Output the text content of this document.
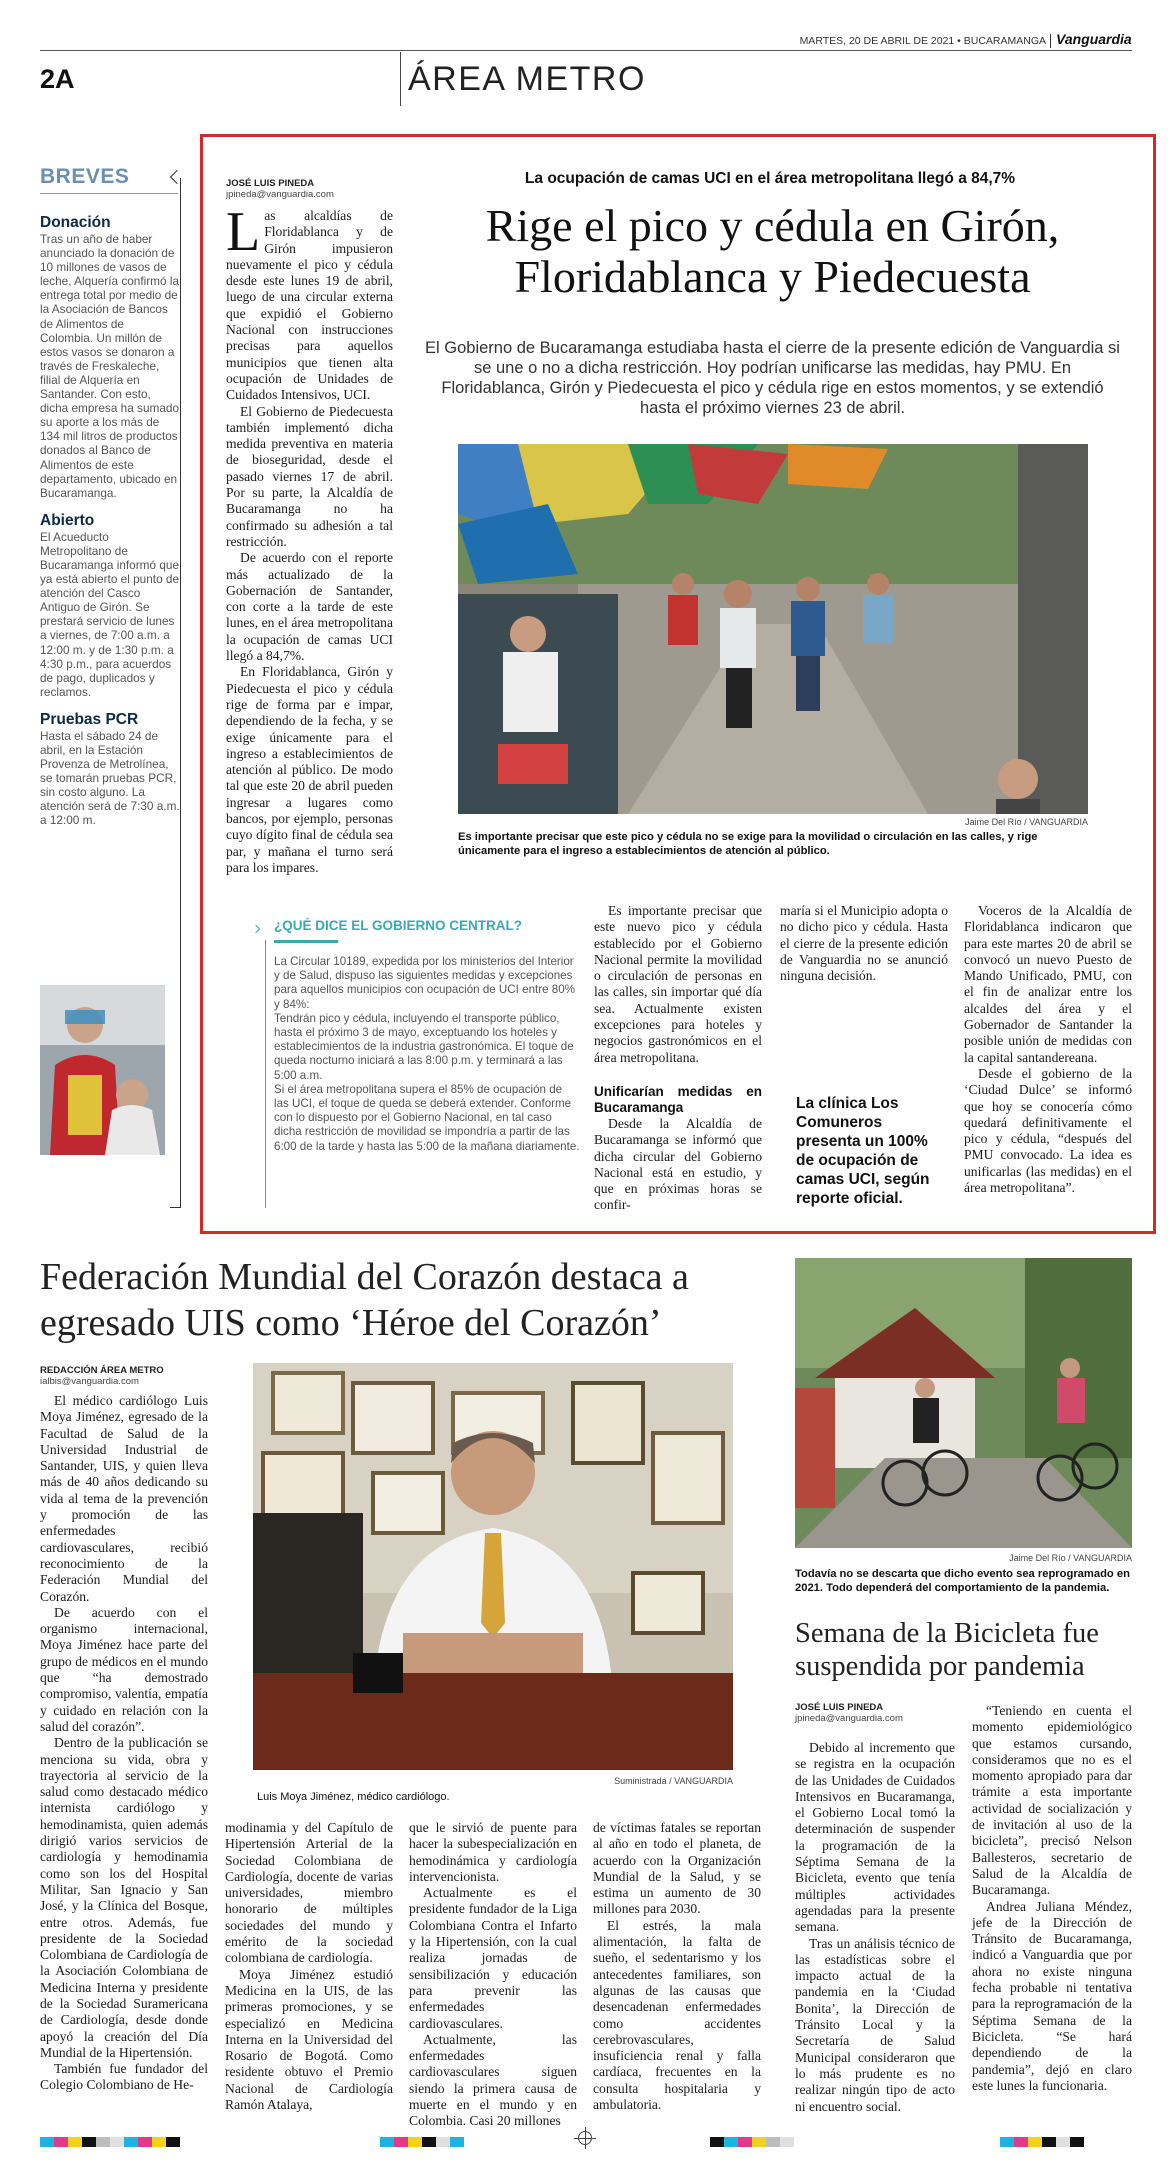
MARTES, 20 DE ABRIL DE 2021 • BUCARAMANGA Vanguardia
2A	ÁREA METRO
BREVES
Donación
Tras un año de haber anunciado la donación de 10 millones de vasos de leche, Alquería confirmó la entrega total por medio de la Asociación de Bancos de Alimentos de Colombia. Un millón de estos vasos se donaron a través de Freskaleche, filial de Alquería en Santander. Con esto, dicha empresa ha sumado su aporte a los más de 134 mil litros de productos donados al Banco de Alimentos de este departamento, ubicado en Bucaramanga.
Abierto
El Acueducto Metropolitano de Bucaramanga informó que ya está abierto el punto de atención del Casco Antiguo de Girón. Se prestará servicio de lunes a viernes, de 7:00 a.m. a 12:00 m. y de 1:30 p.m. a 4:30 p.m., para acuerdos de pago, duplicados y reclamos.
Pruebas PCR
Hasta el sábado 24 de abril, en la Estación Provenza de Metrolínea, se tomarán pruebas PCR, sin costo alguno. La atención será de 7:30 a.m. a 12:00 m.
JOSÉ LUIS PINEDA
jpineda@vanguardia.com

Las alcaldías de Floridablanca y de Girón impusieron nuevamente el pico y cédula desde este lunes 19 de abril, luego de una circular externa que expidió el Gobierno Nacional con instrucciones precisas para aquellos municipios que tienen alta ocupación de Unidades de Cuidados Intensivos, UCI.

El Gobierno de Piedecuesta también implementó dicha medida preventiva en materia de bioseguridad, desde el pasado viernes 17 de abril. Por su parte, la Alcaldía de Bucaramanga no ha confirmado su adhesión a tal restricción.

De acuerdo con el reporte más actualizado de la Gobernación de Santander, con corte a la tarde de este lunes, en el área metropolitana la ocupación de camas UCI llegó a 84,7%.

En Floridablanca, Girón y Piedecuesta el pico y cédula rige de forma par e impar, dependiendo de la fecha, y se exige únicamente para el ingreso a establecimientos de atención al público. De modo tal que este 20 de abril pueden ingresar a lugares como bancos, por ejemplo, personas cuyo dígito final de cédula sea par, y mañana el turno será para los impares.

La ocupación de camas UCI en el área metropolitana llegó a 84,7%
Rige el pico y cédula en Girón, Floridablanca y Piedecuesta
El Gobierno de Bucaramanga estudiaba hasta el cierre de la presente edición de Vanguardia si se une o no a dicha restricción. Hoy podrían unificarse las medidas, hay PMU. En Floridablanca, Girón y Piedecuesta el pico y cédula rige en estos momentos, y se extendió hasta el próximo viernes 23 de abril.
Jaime Del Río / VANGUARDIA
Es importante precisar que este pico y cédula no se exige para la movilidad o circulación en las calles, y rige únicamente para el ingreso a establecimientos de atención al público.
¿QUÉ DICE EL GOBIERNO CENTRAL?

La Circular 10189, expedida por los ministerios del Interior y de Salud, dispuso las siguientes medidas y excepciones para aquellos municipios con ocupación de UCI entre 80% y 84%:

Tendrán pico y cédula, incluyendo el transporte público, hasta el próximo 3 de mayo, exceptuando los hoteles y establecimientos de la industria gastronómica. El toque de queda nocturno iniciará a las 8:00 p.m. y terminará a las 5:00 a.m.

Si el área metropolitana supera el 85% de ocupación de las UCI, el toque de queda se deberá extender. Conforme con lo dispuesto por el Gobierno Nacional, en tal caso dicha restricción de movilidad se impondría a partir de las 6:00 de la tarde y hasta las 5:00 de la mañana diariamente.

Es importante precisar que este nuevo pico y cédula establecido por el Gobierno Nacional permite la movilidad o circulación de personas en las calles, sin importar qué día sea. Actualmente existen excepciones para hoteles y negocios gastronómicos en el área metropolitana.

Unificarían medidas en Bucaramanga

Desde la Alcaldía de Bucaramanga se informó que dicha circular del Gobierno Nacional está en estudio, y que en próximas horas se confir-

maría si el Municipio adopta o no dicho pico y cédula. Hasta el cierre de la presente edición de Vanguardia no se anunció ninguna decisión.

La clínica Los Comuneros presenta un 100% de ocupación de camas UCI, según reporte oficial.

Voceros de la Alcaldía de Floridablanca indicaron que para este martes 20 de abril se convocó un nuevo Puesto de Mando Unificado, PMU, con el fin de analizar entre los alcaldes del área y el Gobernador de Santander la posible unión de medidas con la capital santandereana.

Desde el gobierno de la ‘Ciudad Dulce’ se informó que hoy se conocería cómo quedará definitivamente el pico y cédula, “después del PMU convocado. La idea es unificarlas (las medidas) en el área metropolitana”.

Federación Mundial del Corazón destaca a egresado UIS como ‘Héroe del Corazón’
REDACCIÓN ÁREA METRO
ialbis@vanguardia.com

El médico cardiólogo Luis Moya Jiménez, egresado de la Facultad de Salud de la Universidad Industrial de Santander, UIS, y quien lleva más de 40 años dedicando su vida al tema de la prevención y promoción de las enfermedades cardiovasculares, recibió reconocimiento de la Federación Mundial del Corazón.

De acuerdo con el organismo internacional, Moya Jiménez hace parte del grupo de médicos en el mundo que “ha demostrado compromiso, valentía, empatía y cuidado en relación con la salud del corazón”.

Dentro de la publicación se menciona su vida, obra y trayectoria al servicio de la salud como destacado médico internista cardiólogo y hemodinamista, quien además dirigió varios servicios de cardiología y hemodinamia como son los del Hospital Militar, San Ignacio y San José, y la Clínica del Bosque, entre otros. Además, fue presidente de la Sociedad Colombiana de Cardiología de la Asociación Colombiana de Medicina Interna y presidente de la Sociedad Suramericana de Cardiología, desde donde apoyó la creación del Día Mundial de la Hipertensión.

También fue fundador del Colegio Colombiano de He-

Suministrada / VANGUARDIA
Luis Moya Jiménez, médico cardiólogo.

modinamia y del Capítulo de Hipertensión Arterial de la Sociedad Colombiana de Cardiología, docente de varias universidades, miembro honorario de múltiples sociedades del mundo y emérito de la sociedad colombiana de cardiología.

Moya Jiménez estudió Medicina en la UIS, de las primeras promociones, y se especializó en Medicina Interna en la Universidad del Rosario de Bogotá. Como residente obtuvo el Premio Nacional de Cardiología Ramón Atalaya,

que le sirvió de puente para hacer la subespecialización en hemodinámica y cardiología intervencionista.

Actualmente es el presidente fundador de la Liga Colombiana Contra el Infarto y la Hipertensión, con la cual realiza jornadas de sensibilización y educación para prevenir las enfermedades cardiovasculares.

Actualmente, las enfermedades cardiovasculares siguen siendo la primera causa de muerte en el mundo y en Colombia. Casi 20 millones

de víctimas fatales se reportan al año en todo el planeta, de acuerdo con la Organización Mundial de la Salud, y se estima un aumento de 30 millones para 2030.

El estrés, la mala alimentación, la falta de sueño, el sedentarismo y los antecedentes familiares, son algunas de las causas que desencadenan enfermedades como accidentes cerebrovasculares, insuficiencia renal y falla cardíaca, frecuentes en la consulta hospitalaria y ambulatoria.

Jaime Del Río / VANGUARDIA
Todavía no se descarta que dicho evento sea reprogramado en 2021. Todo dependerá del comportamiento de la pandemia.
Semana de la Bicicleta fue suspendida por pandemia
JOSÉ LUIS PINEDA
jpineda@vanguardia.com

Debido al incremento que se registra en la ocupación de las Unidades de Cuidados Intensivos en Bucaramanga, el Gobierno Local tomó la determinación de suspender la programación de la Séptima Semana de la Bicicleta, evento que tenía múltiples actividades agendadas para la presente semana.

Tras un análisis técnico de las estadísticas sobre el impacto actual de la pandemia en la ‘Ciudad Bonita’, la Dirección de Tránsito Local y la Secretaría de Salud Municipal consideraron que lo más prudente es no realizar ningún tipo de acto ni encuentro social.

“Teniendo en cuenta el momento epidemiológico que estamos cursando, consideramos que no es el momento apropiado para dar trámite a esta importante actividad de socialización y de invitación al uso de la bicicleta”, precisó Nelson Ballesteros, secretario de Salud de la Alcaldía de Bucaramanga.

Andrea Juliana Méndez, jefe de la Dirección de Tránsito de Bucaramanga, indicó a Vanguardia que por ahora no existe ninguna fecha probable ni tentativa para la reprogramación de la Séptima Semana de la Bicicleta. “Se hará dependiendo de la pandemia”, dejó en claro este lunes la funcionaria.
